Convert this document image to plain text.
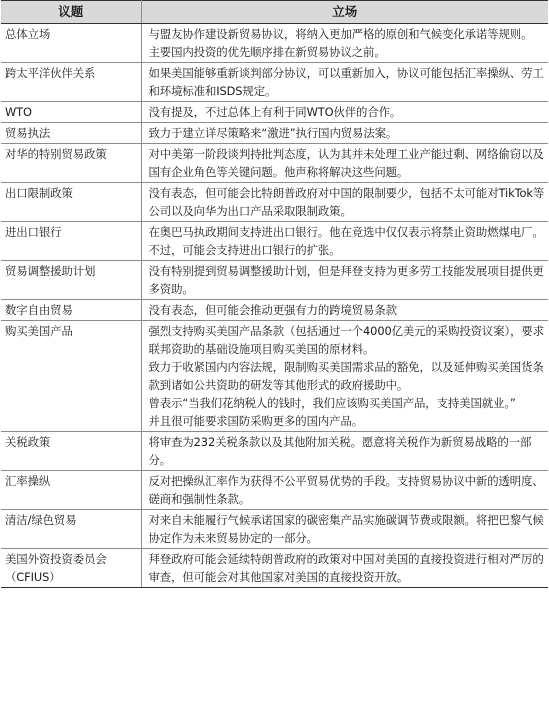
议题	立场
总体立场	与盟友协作建设新贸易协议，将纳入更加严格的原创和气候变化承诺等规则。
主要国内投资的优先顺序排在新贸易协议之前。

跨太平洋伙伴关系	如果美国能够重新谈判部分协议，可以重新加入，协议可能包括汇率操纵、劳工和环境标准和ISDS规定。

WTO	没有提及，不过总体上有利于同WTO伙伴的合作。

贸易执法	致力于建立详尽策略来“激进”执行国内贸易法案。

对华的特别贸易政策	对中美第一阶段谈判持批判态度，认为其并未处理工业产能过剩、网络偷窃以及国有企业角色等关键问题。他声称将解决这些问题。

出口限制政策	没有表态，但可能会比特朗普政府对中国的限制要少，包括不太可能对TikTok等公司以及向华为出口产品采取限制政策。

进出口银行	在奥巴马执政期间支持进出口银行。他在竞选中仅仅表示将禁止资助燃煤电厂。不过，可能会支持进出口银行的扩张。

贸易调整援助计划	没有特别提到贸易调整援助计划，但是拜登支持为更多劳工技能发展项目提供更多资助。

数字自由贸易	没有表态，但可能会推动更强有力的跨境贸易条款

购买美国产品	强烈支持购买美国产品条款（包括通过一个4000亿美元的采购投资议案），要求联邦资助的基础设施项目购买美国的原材料。
致力于收紧国内内容法规，限制购买美国需求品的豁免，以及延伸购买美国货条款到诸如公共资助的研发等其他形式的政府援助中。
曾表示“当我们花纳税人的钱时，我们应该购买美国产品，支持美国就业。”
并且很可能要求国防采购更多的国内产品。

关税政策	将审查为232关税条款以及其他附加关税。愿意将关税作为新贸易战略的一部分。

汇率操纵	反对把操纵汇率作为获得不公平贸易优势的手段。支持贸易协议中新的透明度、磋商和强制性条款。

清洁/绿色贸易	对来自未能履行气候承诺国家的碳密集产品实施碳调节费或限额。将把巴黎气候协定作为未来贸易协定的一部分。

美国外资投资委员会（CFIUS）	拜登政府可能会延续特朗普政府的政策对中国对美国的直接投资进行相对严厉的审查，但可能会对其他国家对美国的直接投资开放。
